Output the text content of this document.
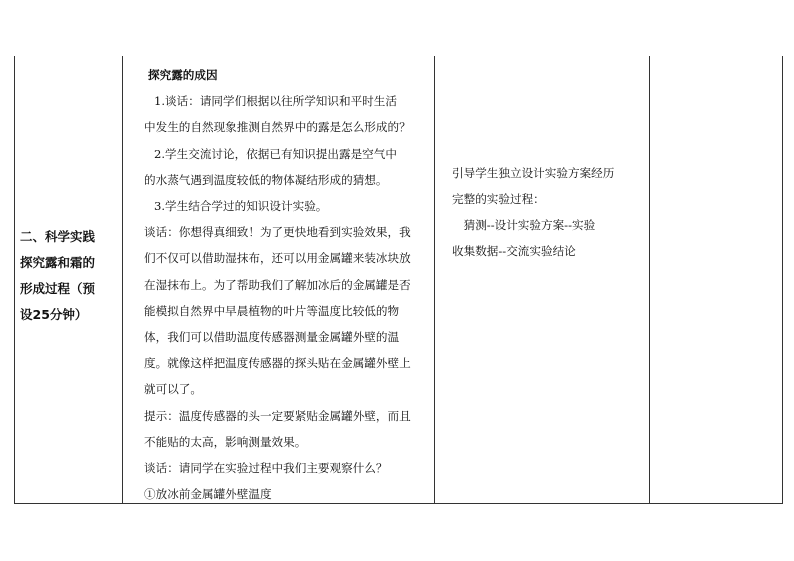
二、科学实践
探究露和霜的
形成过程（预
设25分钟）
探究露的成因
1.谈话：请同学们根据以往所学知识和平时生活
中发生的自然现象推测自然界中的露是怎么形成的？
2.学生交流讨论，依据已有知识提出露是空气中
的水蒸气遇到温度较低的物体凝结形成的猜想。
3.学生结合学过的知识设计实验。
谈话：你想得真细致！为了更快地看到实验效果，我
们不仅可以借助湿抹布，还可以用金属罐来装冰块放
在湿抹布上。为了帮助我们了解加冰后的金属罐是否
能模拟自然界中早晨植物的叶片等温度比较低的物
体，我们可以借助温度传感器测量金属罐外壁的温
度。就像这样把温度传感器的探头贴在金属罐外壁上
就可以了。
提示：温度传感器的头一定要紧贴金属罐外壁，而且
不能贴的太高，影响测量效果。
谈话：请同学在实验过程中我们主要观察什么？
①放冰前金属罐外壁温度
引导学生独立设计实验方案经历
完整的实验过程：
　猜测--设计实验方案--实验
收集数据--交流实验结论
